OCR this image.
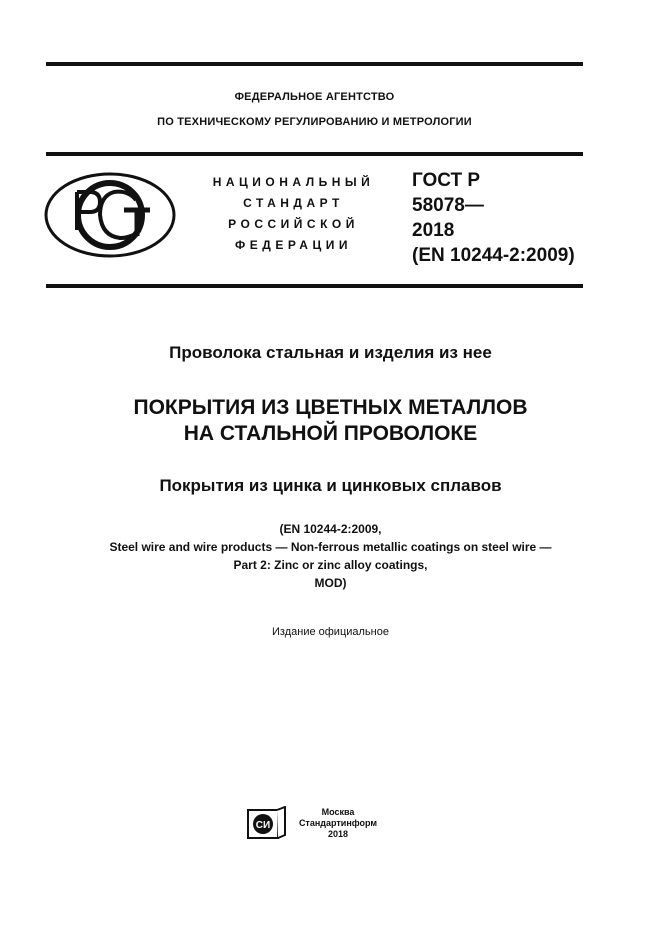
ФЕДЕРАЛЬНОЕ АГЕНТСТВО
ПО ТЕХНИЧЕСКОМУ РЕГУЛИРОВАНИЮ И МЕТРОЛОГИИ
НАЦИОНАЛЬНЫЙ
СТАНДАРТ
РОССИЙСКОЙ
ФЕДЕРАЦИИ
ГОСТ Р
58078—
2018
(EN 10244-2:2009)
Проволока стальная и изделия из нее
ПОКРЫТИЯ ИЗ ЦВЕТНЫХ МЕТАЛЛОВ
НА СТАЛЬНОЙ ПРОВОЛОКЕ
Покрытия из цинка и цинковых сплавов
(EN 10244-2:2009,
Steel wire and wire products — Non-ferrous metallic coatings on steel wire —
Part 2: Zinc or zinc alloy coatings,
MOD)
Издание официальное
СИ
Москва
Стандартинформ
2018
